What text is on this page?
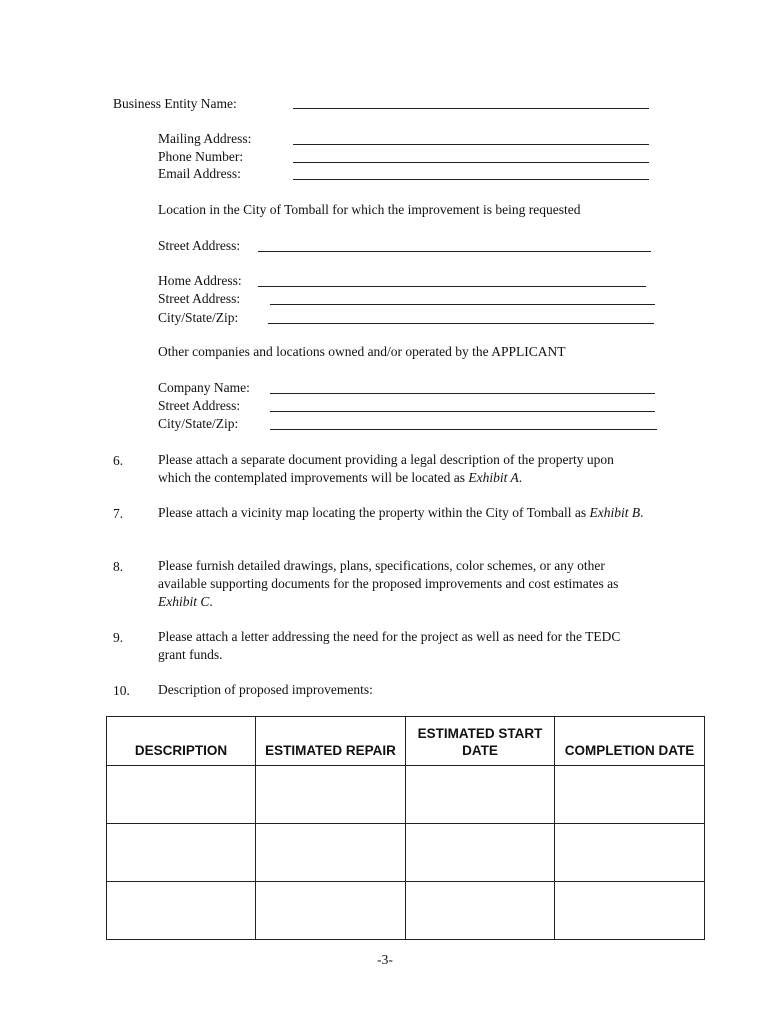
Business Entity Name:
Mailing Address:
Phone Number:
Email Address:
Location in the City of Tomball for which the improvement is being requested
Street Address:
Home Address:
Street Address:
City/State/Zip:
Other companies and locations owned and/or operated by the APPLICANT
Company Name:
Street Address:
City/State/Zip:
6.	Please attach a separate document providing a legal description of the property upon which the contemplated improvements will be located as Exhibit A.
7.	Please attach a vicinity map locating the property within the City of Tomball as Exhibit B.
8.	Please furnish detailed drawings, plans, specifications, color schemes, or any other available supporting documents for the proposed improvements and cost estimates as Exhibit C.
9.	Please attach a letter addressing the need for the project as well as need for the TEDC grant funds.
10. Description of proposed improvements:
DESCRIPTION	ESTIMATED REPAIR	ESTIMATED START DATE	COMPLETION DATE

-3-
